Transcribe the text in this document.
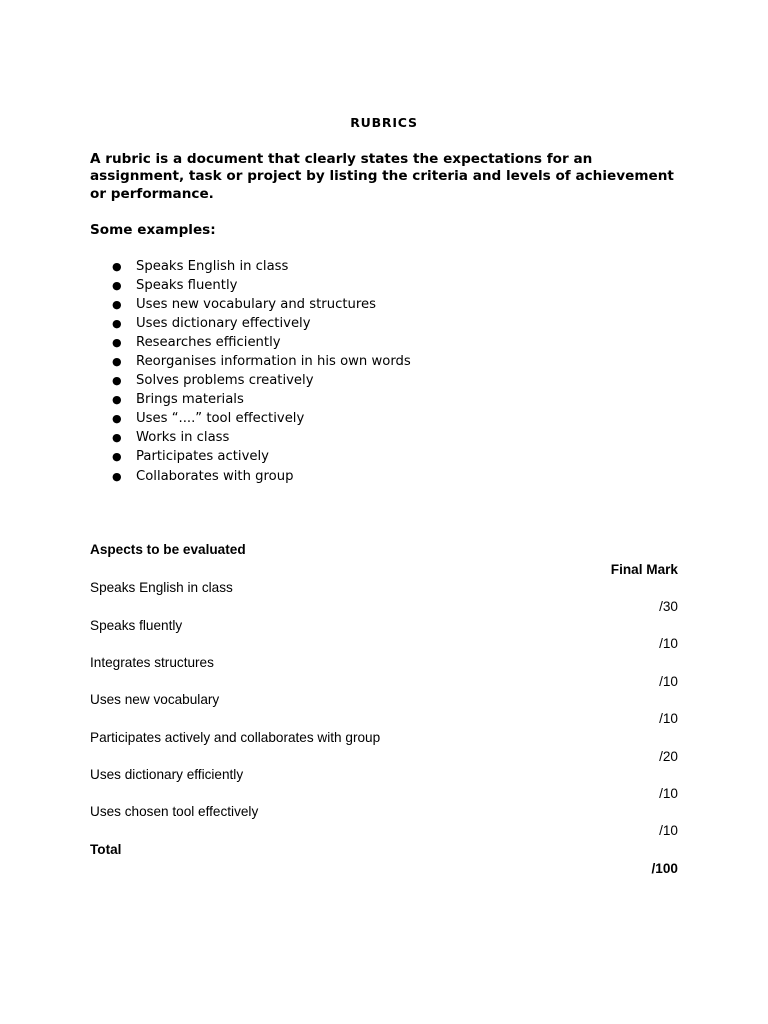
RUBRICS
A rubric is a document that clearly states the expectations for an assignment, task or project by listing the criteria and levels of achievement or performance.
Some examples:
● Speaks English in class
● Speaks fluently
● Uses new vocabulary and structures
● Uses dictionary effectively
● Researches efficiently
● Reorganises information in his own words
● Solves problems creatively
● Brings materials
● Uses “....” tool effectively
● Works in class
● Participates actively
● Collaborates with group
Aspects to be evaluated
Final Mark
Speaks English in class
/30
Speaks fluently
/10
Integrates structures
/10
Uses new vocabulary
/10
Participates actively and collaborates with group
/20
Uses dictionary efficiently
/10
Uses chosen tool effectively
/10
Total
/100
